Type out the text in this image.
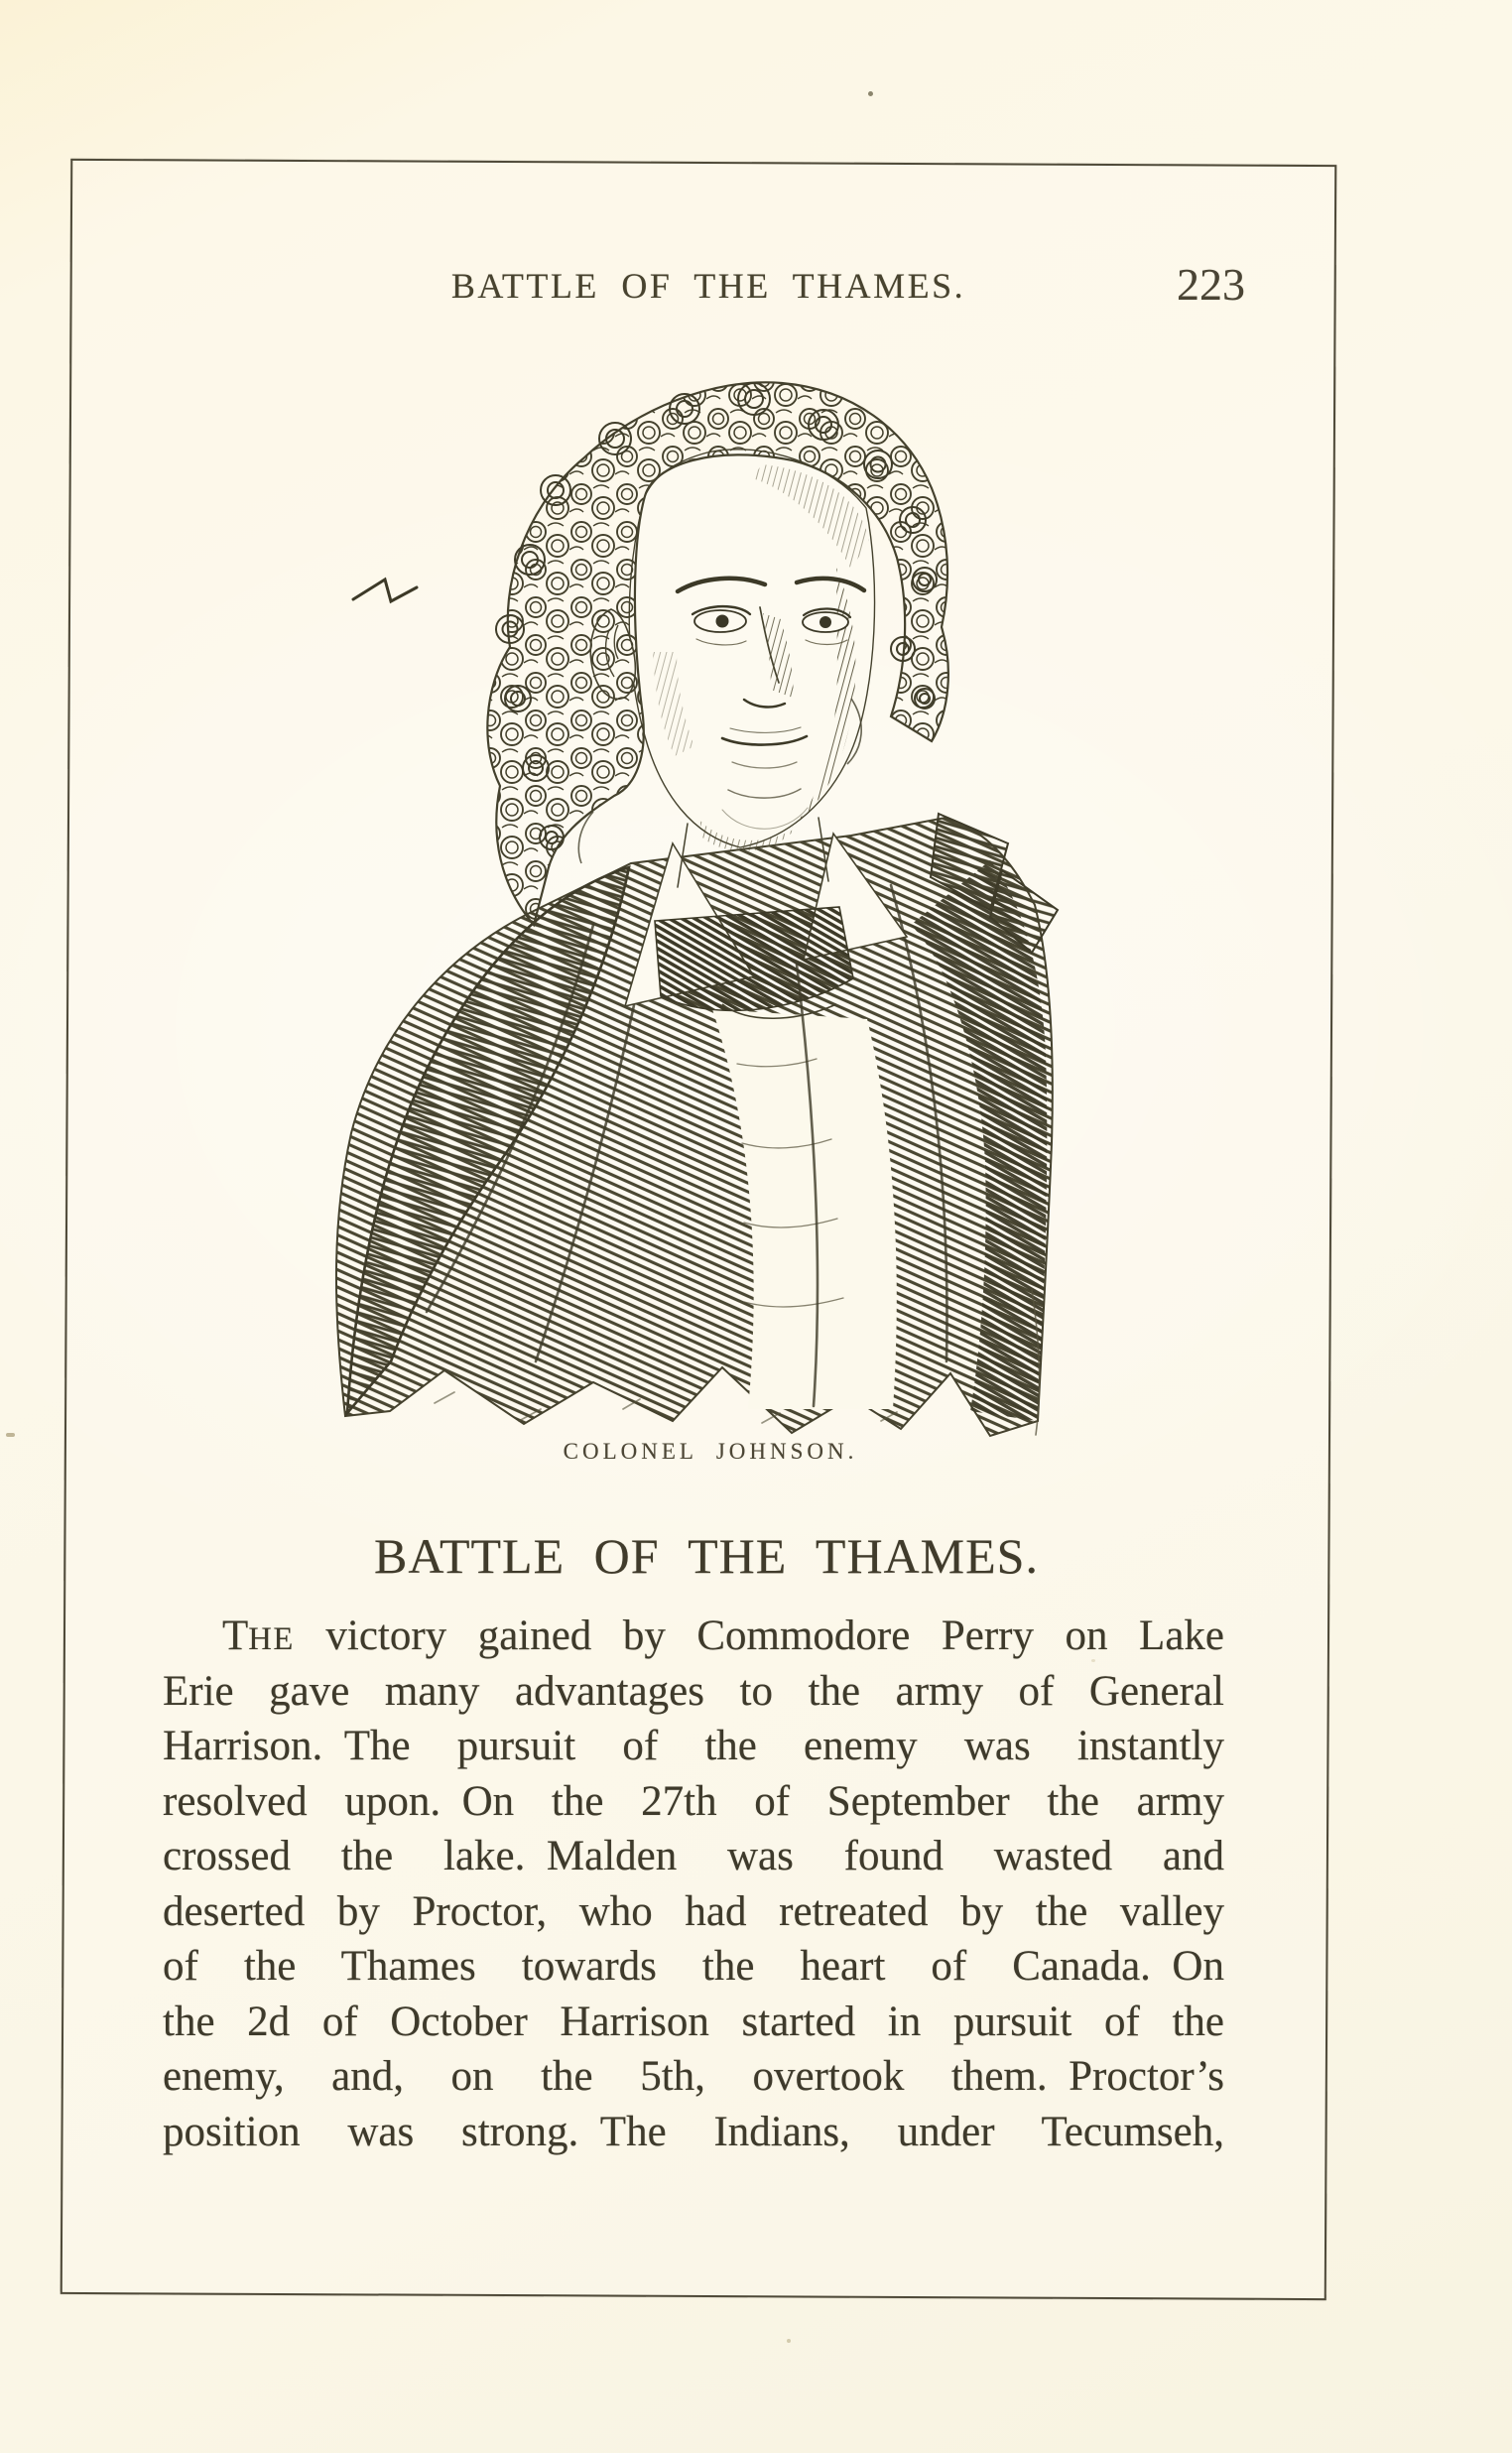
BATTLE OF THE THAMES.	223
COLONEL JOHNSON.
BATTLE OF THE THAMES.
THE victory gained by Commodore Perry on Lake
Erie gave many advantages to the army of General
Harrison. The pursuit of the enemy was instantly
resolved upon. On the 27th of September the army
crossed the lake. Malden was found wasted and
deserted by Proctor, who had retreated by the valley
of the Thames towards the heart of Canada. On
the 2d of October Harrison started in pursuit of the
enemy, and, on the 5th, overtook them. Proctor’s
position was strong. The Indians, under Tecumseh,
